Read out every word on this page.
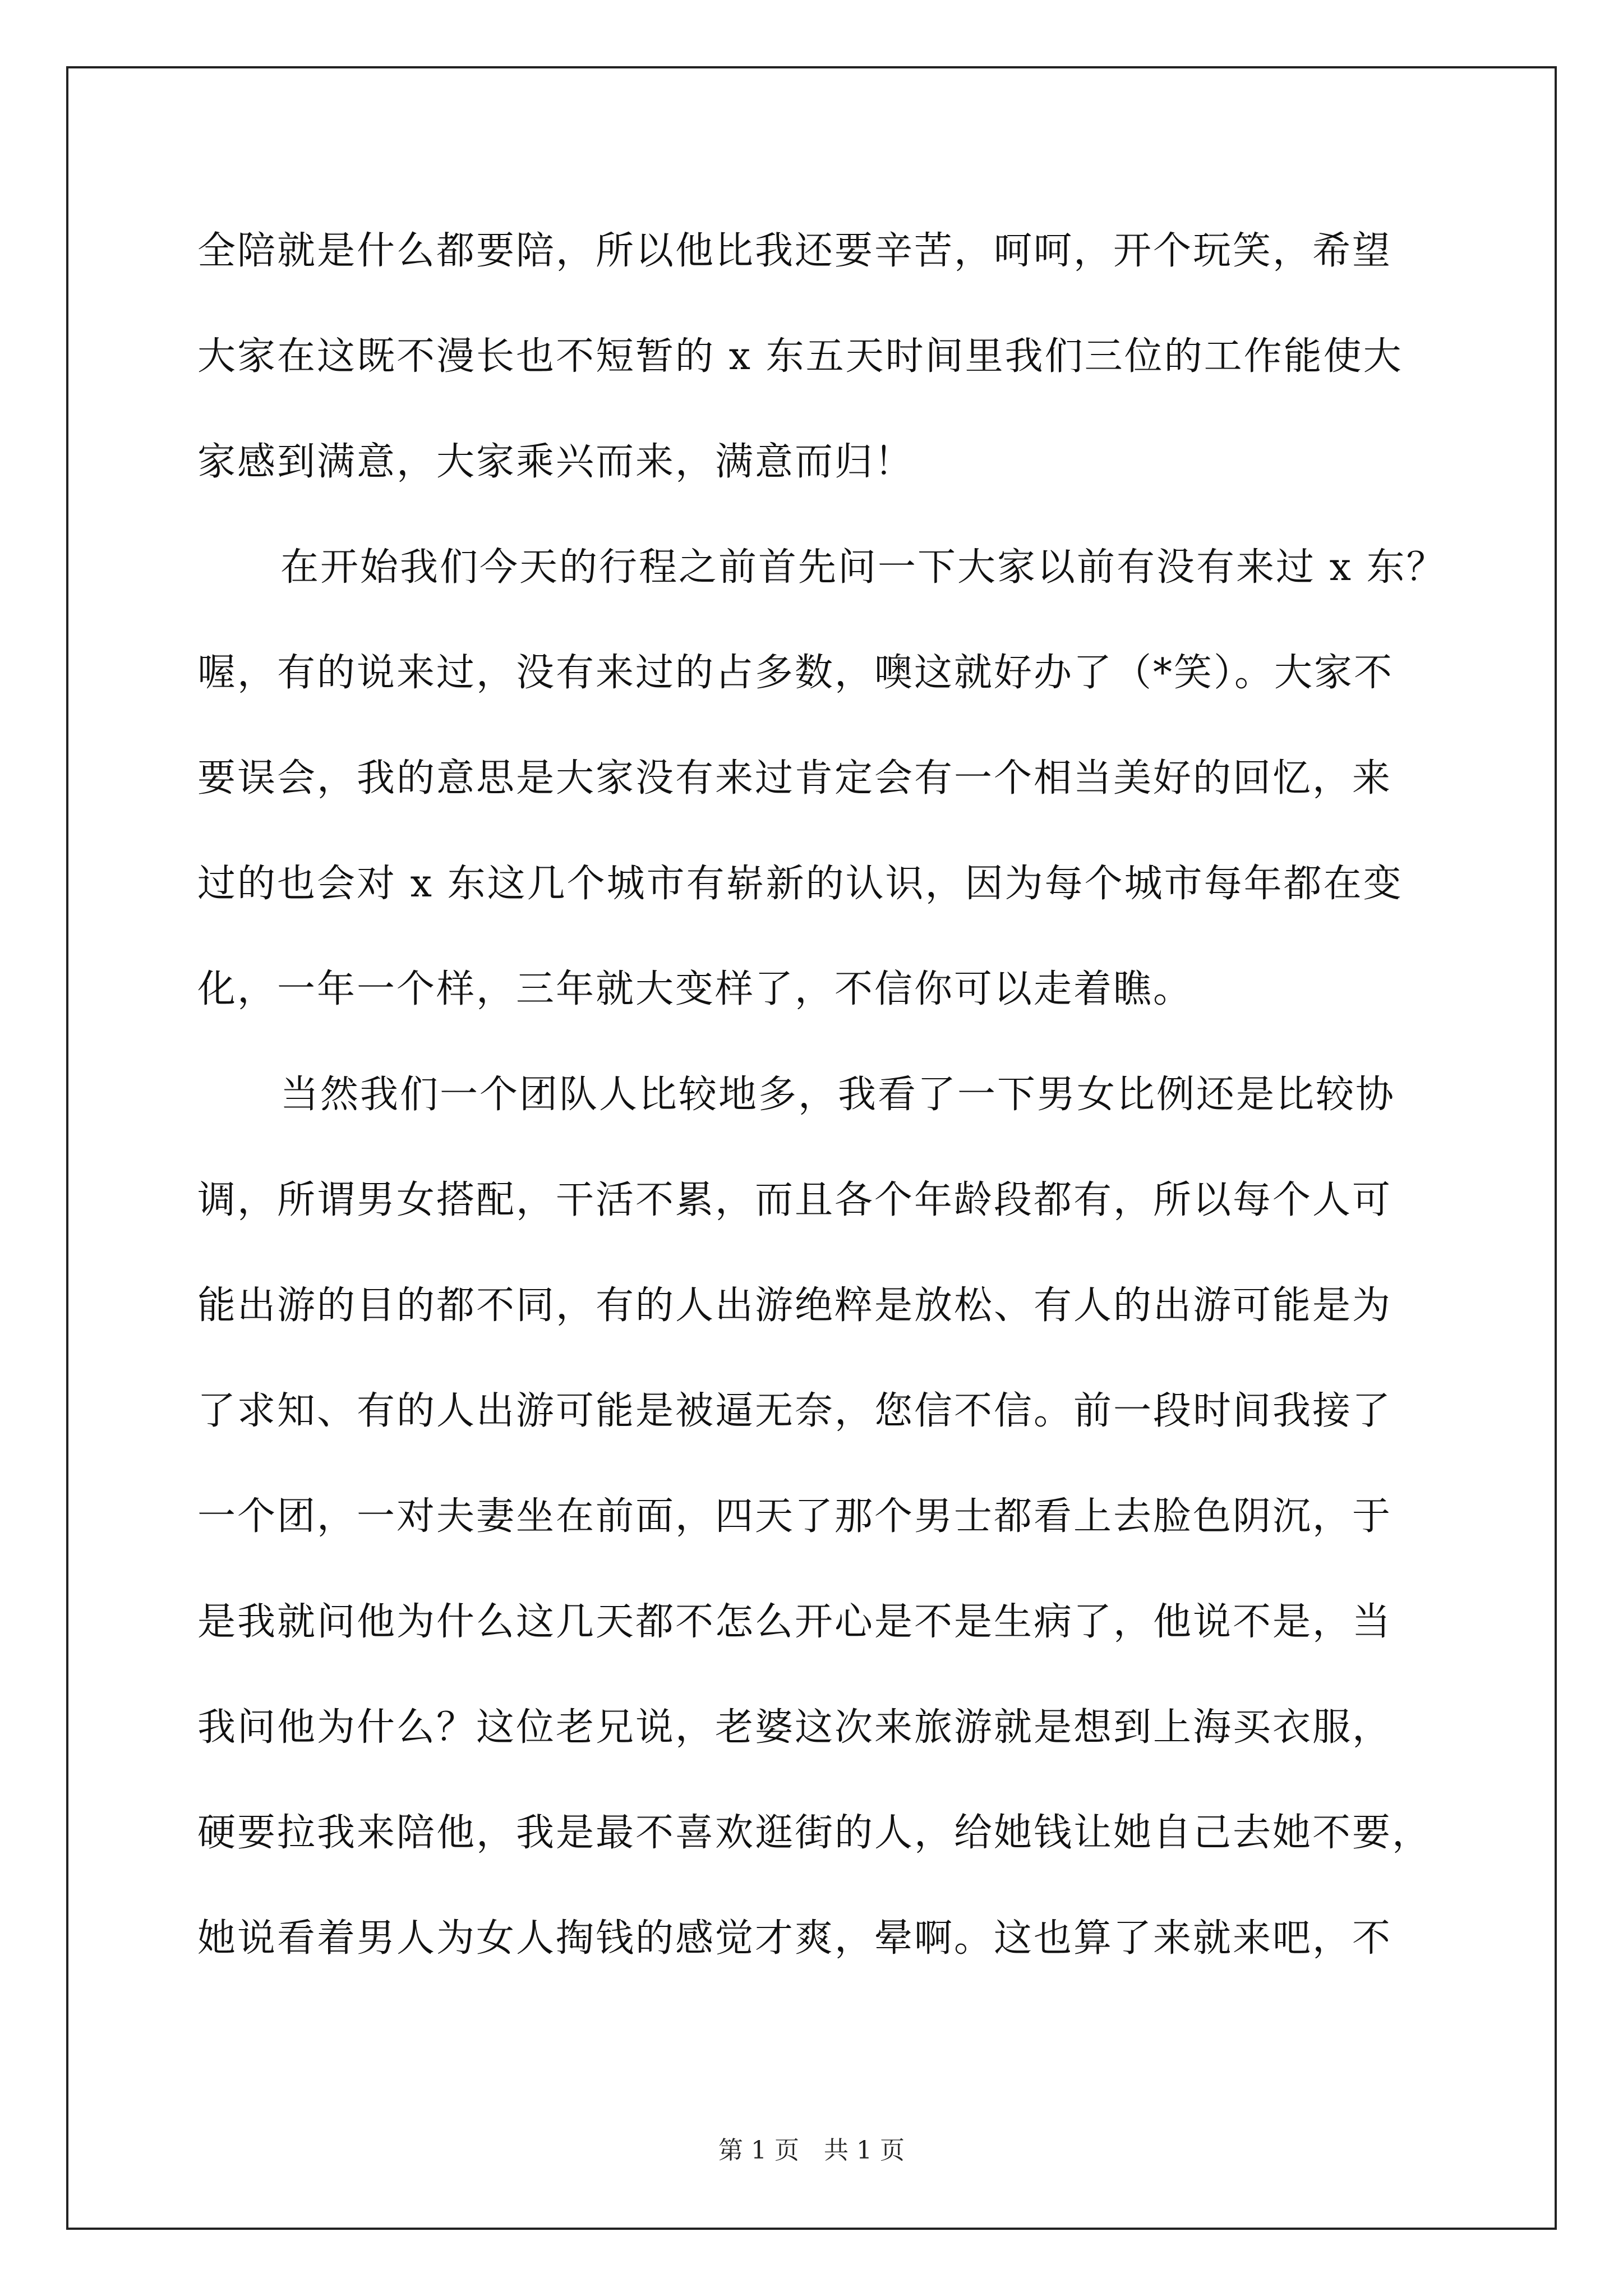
全陪就是什么都要陪，所以他比我还要辛苦，呵呵，开个玩笑，希望
大家在这既不漫长也不短暂的 x 东五天时间里我们三位的工作能使大
家感到满意，大家乘兴而来，满意而归！
在开始我们今天的行程之前首先问一下大家以前有没有来过 x 东？
喔，有的说来过，没有来过的占多数，噢这就好办了（*笑）。大家不
要误会，我的意思是大家没有来过肯定会有一个相当美好的回忆，来
过的也会对 x 东这几个城市有崭新的认识，因为每个城市每年都在变
化，一年一个样，三年就大变样了，不信你可以走着瞧。
当然我们一个团队人比较地多，我看了一下男女比例还是比较协
调，所谓男女搭配，干活不累，而且各个年龄段都有，所以每个人可
能出游的目的都不同，有的人出游绝粹是放松、有人的出游可能是为
了求知、有的人出游可能是被逼无奈，您信不信。前一段时间我接了
一个团，一对夫妻坐在前面，四天了那个男士都看上去脸色阴沉，于
是我就问他为什么这几天都不怎么开心是不是生病了，他说不是，当
我问他为什么？这位老兄说，老婆这次来旅游就是想到上海买衣服，
硬要拉我来陪他，我是最不喜欢逛街的人，给她钱让她自己去她不要，
她说看着男人为女人掏钱的感觉才爽，晕啊。这也算了来就来吧，不
第 1 页　共 1 页
